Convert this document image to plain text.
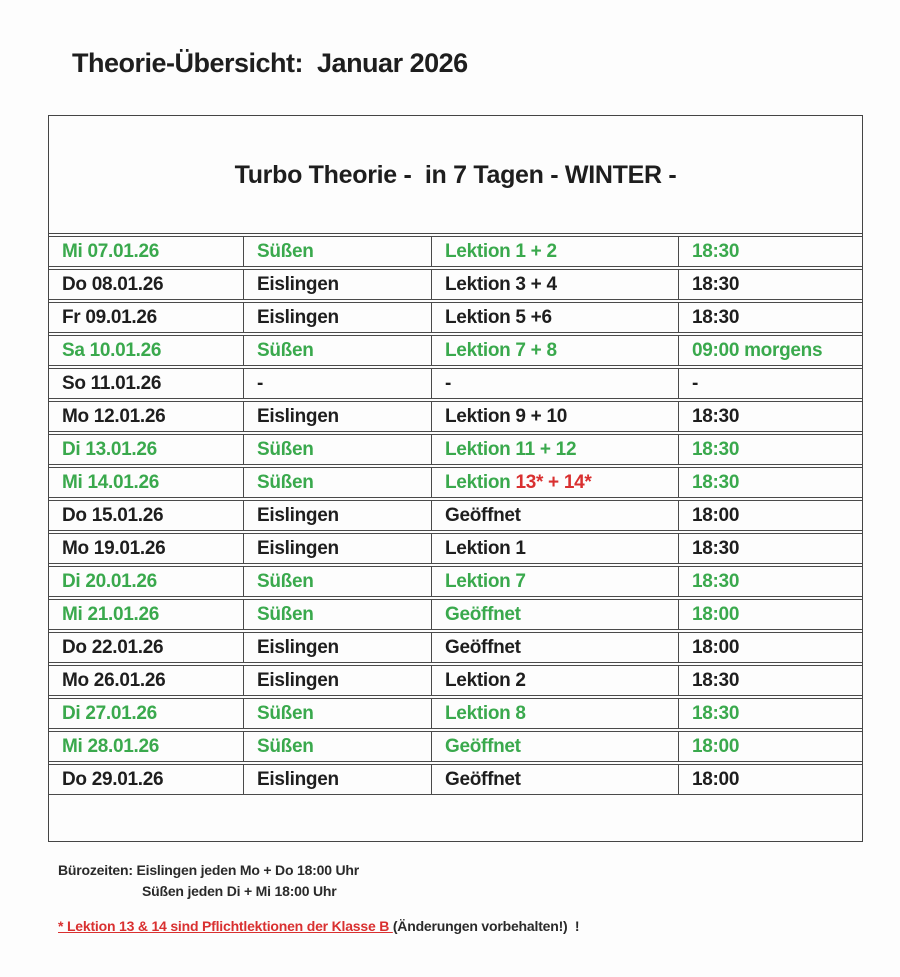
Theorie-Übersicht:  Januar 2026
Turbo Theorie -  in 7 Tagen - WINTER -			
Mi 07.01.26	Süßen	Lektion 1 + 2	18:30
Do 08.01.26	Eislingen	Lektion 3 + 4	18:30
Fr 09.01.26	Eislingen	Lektion 5 +6	18:30
Sa 10.01.26	Süßen	Lektion 7 + 8	09:00 morgens
So 11.01.26	-	-	-
Mo 12.01.26	Eislingen	Lektion 9 + 10	18:30
Di 13.01.26	Süßen	Lektion 11 + 12	18:30
Mi 14.01.26	Süßen	Lektion 13* + 14*	18:30
Do 15.01.26	Eislingen	Geöffnet	18:00
Mo 19.01.26	Eislingen	Lektion 1	18:30
Di 20.01.26	Süßen	Lektion 7	18:30
Mi 21.01.26	Süßen	Geöffnet	18:00
Do 22.01.26	Eislingen	Geöffnet	18:00
Mo 26.01.26	Eislingen	Lektion 2	18:30
Di 27.01.26	Süßen	Lektion 8	18:30
Mi 28.01.26	Süßen	Geöffnet	18:00
Do 29.01.26	Eislingen	Geöffnet	18:00
Bürozeiten: Eislingen jeden Mo + Do 18:00 Uhr
Süßen jeden Di + Mi 18:00 Uhr
* Lektion 13 & 14 sind Pflichtlektionen der Klasse B (Änderungen vorbehalten!)  !
